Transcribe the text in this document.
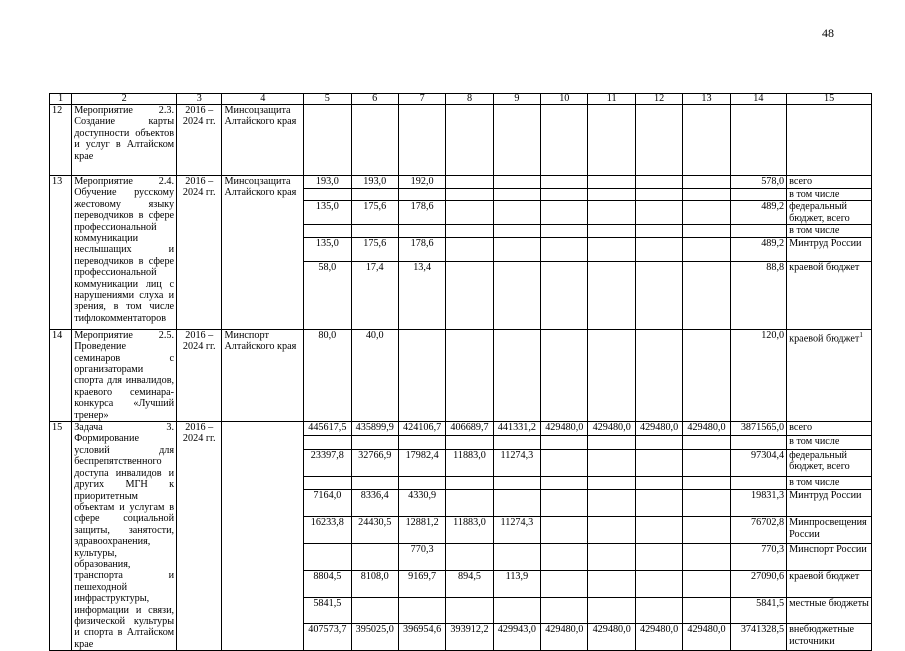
48
1	2	3	4	5	6	7	8	9	10	11	12	13	14	15
12	Мероприятие 2.3. Создание карты доступности объектов и услуг в Алтайском крае	2016 – 2024 гг.	Минсоцзащита Алтайского края											
13	Мероприятие 2.4. Обучение русскому жестовому языку переводчиков в сфере профессиональной коммуникации неслышащих и переводчиков в сфере профессиональной коммуникации лиц с нарушениями слуха и зрения, в том числе тифлокомментаторов	2016 – 2024 гг.	Минсоцзащита Алтайского края	193,0	193,0	192,0							578,0	всего
														в том числе
				135,0	175,6	178,6							489,2	федеральный бюджет, всего
														в том числе
				135,0	175,6	178,6							489,2	Минтруд России
				58,0	17,4	13,4							88,8	краевой бюджет
14	Мероприятие 2.5. Проведение семинаров с организаторами спорта для инвалидов, краевого семинара-конкурса «Лучший тренер»	2016 – 2024 гг.	Минспорт Алтайского края	80,0	40,0								120,0	краевой бюджет$^1$
15	Задача 3. Формирование условий для беспрепятственного доступа инвалидов и других МГН к приоритетным объектам и услугам в сфере социальной защиты, занятости, здравоохранения, культуры, образования, транспорта и пешеходной инфраструктуры, информации и связи, физической культуры и спорта в Алтайском крае	2016 – 2024 гг.		445617,5	435899,9	424106,7	406689,7	441331,2	429480,0	429480,0	429480,0	429480,0	3871565,0	всего
														в том числе
				23397,8	32766,9	17982,4	11883,0	11274,3					97304,4	федеральный бюджет, всего
														в том числе
				7164,0	8336,4	4330,9							19831,3	Минтруд России
				16233,8	24430,5	12881,2	11883,0	11274,3					76702,8	Минпросвещения России
						770,3							770,3	Минспорт России
				8804,5	8108,0	9169,7	894,5	113,9					27090,6	краевой бюджет
				5841,5									5841,5	местные бюджеты
				407573,7	395025,0	396954,6	393912,2	429943,0	429480,0	429480,0	429480,0	429480,0	3741328,5	внебюджетные источники
